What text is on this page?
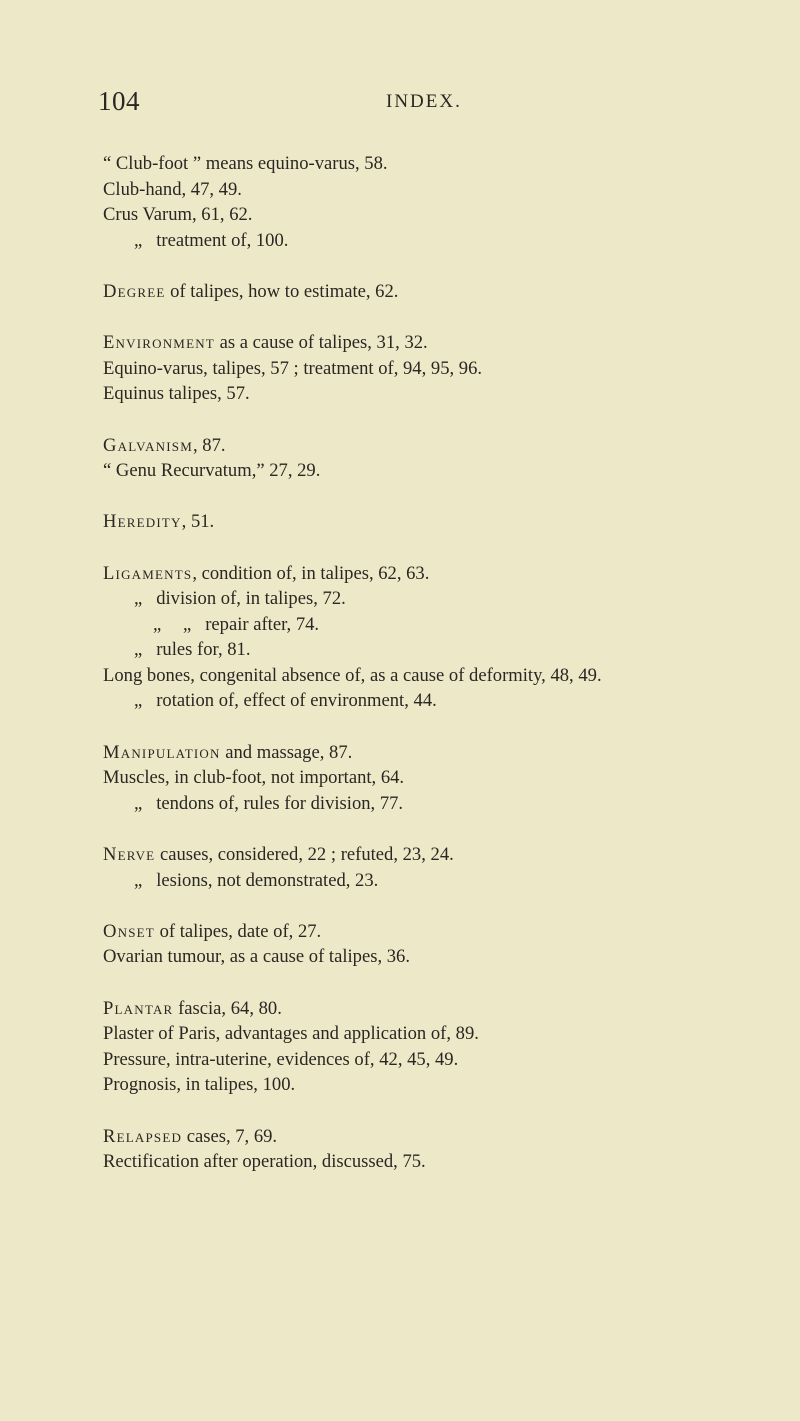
104	INDEX.
“ Club-foot ” means equino-varus, 58.
Club-hand, 47, 49.
Crus Varum, 61, 62.
„ treatment of, 100.
Degree of talipes, how to estimate, 62.
Environment as a cause of talipes, 31, 32.
Equino-varus, talipes, 57 ; treatment of, 94, 95, 96.
Equinus talipes, 57.
Galvanism, 87.
“ Genu Recurvatum,” 27, 29.
Heredity, 51.
Ligaments, condition of, in talipes, 62, 63.
„ division of, in talipes, 72.
„ „ repair after, 74.
„ rules for, 81.
Long bones, congenital absence of, as a cause of deformity, 48, 49.
„ rotation of, effect of environment, 44.
Manipulation and massage, 87.
Muscles, in club-foot, not important, 64.
„ tendons of, rules for division, 77.
Nerve causes, considered, 22 ; refuted, 23, 24.
„ lesions, not demonstrated, 23.
Onset of talipes, date of, 27.
Ovarian tumour, as a cause of talipes, 36.
Plantar fascia, 64, 80.
Plaster of Paris, advantages and application of, 89.
Pressure, intra-uterine, evidences of, 42, 45, 49.
Prognosis, in talipes, 100.
Relapsed cases, 7, 69.
Rectification after operation, discussed, 75.
